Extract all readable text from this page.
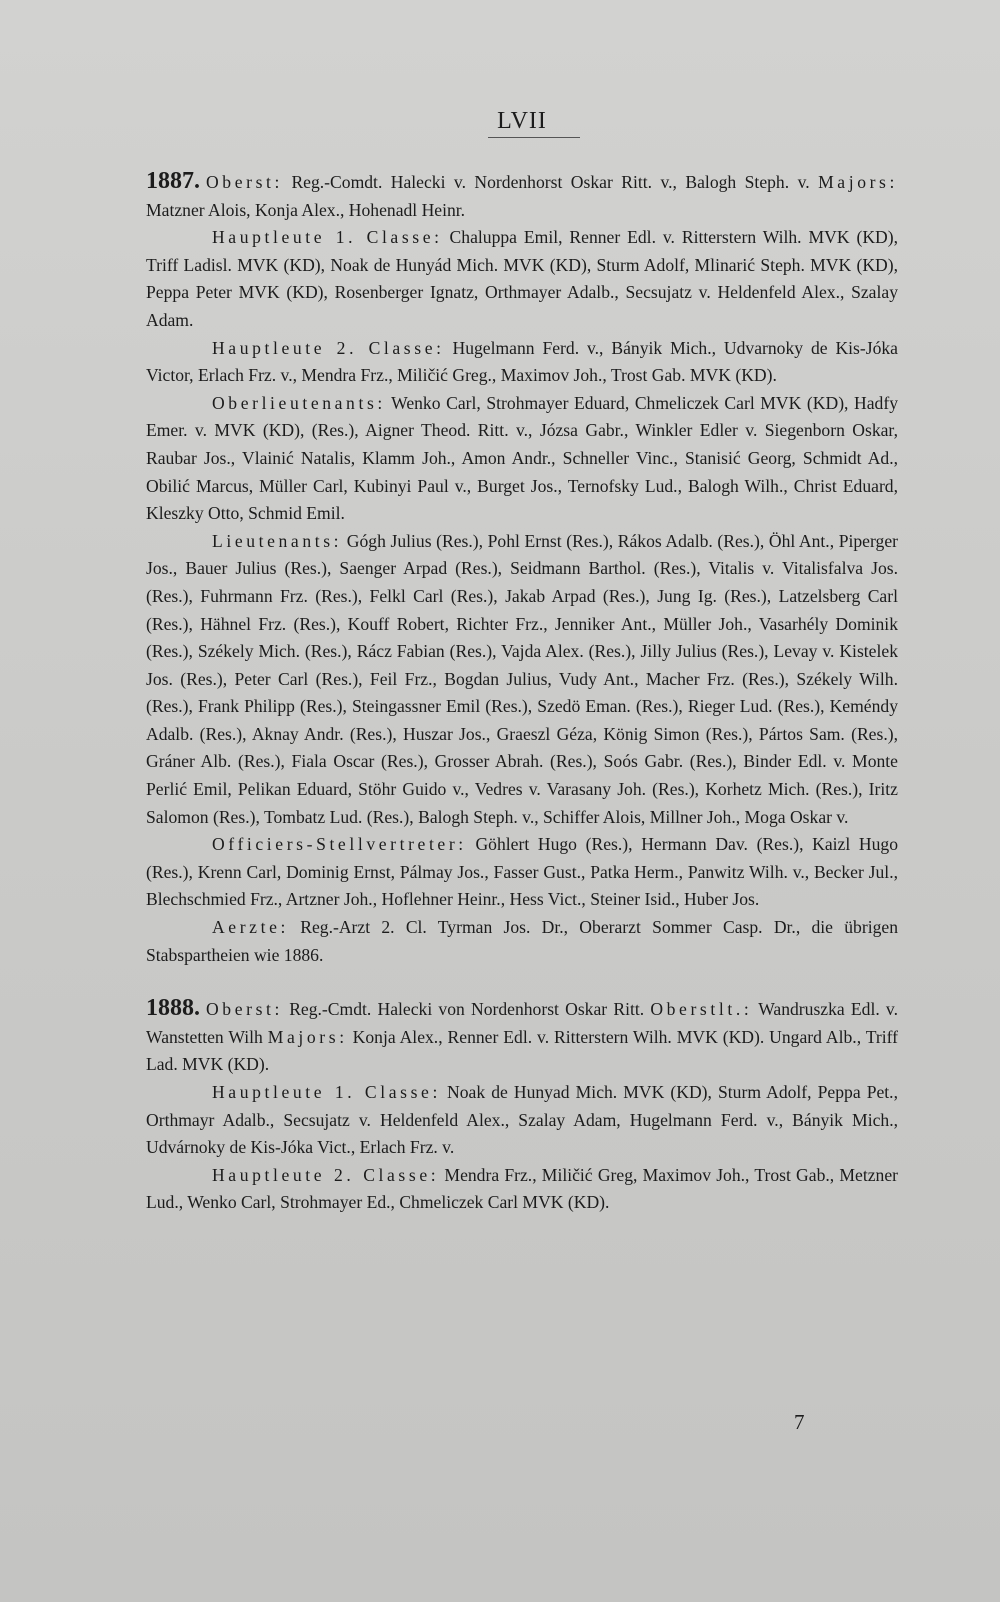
LVII

1887. Oberst: Reg.-Comdt. Halecki v. Nordenhorst Oskar Ritt. v., Balogh Steph. v. Majors: Matzner Alois, Konja Alex., Hohenadl Heinr.

Hauptleute 1. Classe: Chaluppa Emil, Renner Edl. v. Ritterstern Wilh. MVK (KD), Triff Ladisl. MVK (KD), Noak de Hunyád Mich. MVK (KD), Sturm Adolf, Mlinarić Steph. MVK (KD), Peppa Peter MVK (KD), Rosenberger Ignatz, Orthmayer Adalb., Secsujatz v. Heldenfeld Alex., Szalay Adam.

Hauptleute 2. Classe: Hugelmann Ferd. v., Bányik Mich., Udvarnoky de Kis-Jóka Victor, Erlach Frz. v., Mendra Frz., Miličić Greg., Maximov Joh., Trost Gab. MVK (KD).

Oberlieutenants: Wenko Carl, Strohmayer Eduard, Chmeliczek Carl MVK (KD), Hadfy Emer. v. MVK (KD), (Res.), Aigner Theod. Ritt. v., Józsa Gabr., Winkler Edler v. Siegenborn Oskar, Raubar Jos., Vlainić Natalis, Klamm Joh., Amon Andr., Schneller Vinc., Stanisić Georg, Schmidt Ad., Obilić Marcus, Müller Carl, Kubinyi Paul v., Burget Jos., Ternofsky Lud., Balogh Wilh., Christ Eduard, Kleszky Otto, Schmid Emil.

Lieutenants: Gógh Julius (Res.), Pohl Ernst (Res.), Rákos Adalb. (Res.), Öhl Ant., Piperger Jos., Bauer Julius (Res.), Saenger Arpad (Res.), Seidmann Barthol. (Res.), Vitalis v. Vitalisfalva Jos. (Res.), Fuhrmann Frz. (Res.), Felkl Carl (Res.), Jakab Arpad (Res.), Jung Ig. (Res.), Latzelsberg Carl (Res.), Hähnel Frz. (Res.), Kouff Robert, Richter Frz., Jenniker Ant., Müller Joh., Vasarhély Dominik (Res.), Székely Mich. (Res.), Rácz Fabian (Res.), Vajda Alex. (Res.), Jilly Julius (Res.), Levay v. Kistelek Jos. (Res.), Peter Carl (Res.), Feil Frz., Bogdan Julius, Vudy Ant., Macher Frz. (Res.), Székely Wilh. (Res.), Frank Philipp (Res.), Steingassner Emil (Res.), Szedö Eman. (Res.), Rieger Lud. (Res.), Keméndy Adalb. (Res.), Aknay Andr. (Res.), Huszar Jos., Graeszl Géza, König Simon (Res.), Pártos Sam. (Res.), Gráner Alb. (Res.), Fiala Oscar (Res.), Grosser Abrah. (Res.), Soós Gabr. (Res.), Binder Edl. v. Monte Perlić Emil, Pelikan Eduard, Stöhr Guido v., Vedres v. Varasany Joh. (Res.), Korhetz Mich. (Res.), Iritz Salomon (Res.), Tombatz Lud. (Res.), Balogh Steph. v., Schiffer Alois, Millner Joh., Moga Oskar v.

Officiers-Stellvertreter: Göhlert Hugo (Res.), Hermann Dav. (Res.), Kaizl Hugo (Res.), Krenn Carl, Dominig Ernst, Pálmay Jos., Fasser Gust., Patka Herm., Panwitz Wilh. v., Becker Jul., Blechschmied Frz., Artzner Joh., Hoflehner Heinr., Hess Vict., Steiner Isid., Huber Jos.

Aerzte: Reg.-Arzt 2. Cl. Tyrman Jos. Dr., Oberarzt Sommer Casp. Dr., die übrigen Stabspartheien wie 1886.

1888. Oberst: Reg.-Cmdt. Halecki von Nordenhorst Oskar Ritt. Oberstlt.: Wandruszka Edl. v. Wanstetten Wilh Majors: Konja Alex., Renner Edl. v. Ritterstern Wilh. MVK (KD). Ungard Alb., Triff Lad. MVK (KD).

Hauptleute 1. Classe: Noak de Hunyad Mich. MVK (KD), Sturm Adolf, Peppa Pet., Orthmayr Adalb., Secsujatz v. Heldenfeld Alex., Szalay Adam, Hugelmann Ferd. v., Bányik Mich., Udvárnoky de Kis-Jóka Vict., Erlach Frz. v.

Hauptleute 2. Classe: Mendra Frz., Miličić Greg, Maximov Joh., Trost Gab., Metzner Lud., Wenko Carl, Strohmayer Ed., Chmeliczek Carl MVK (KD).

7
